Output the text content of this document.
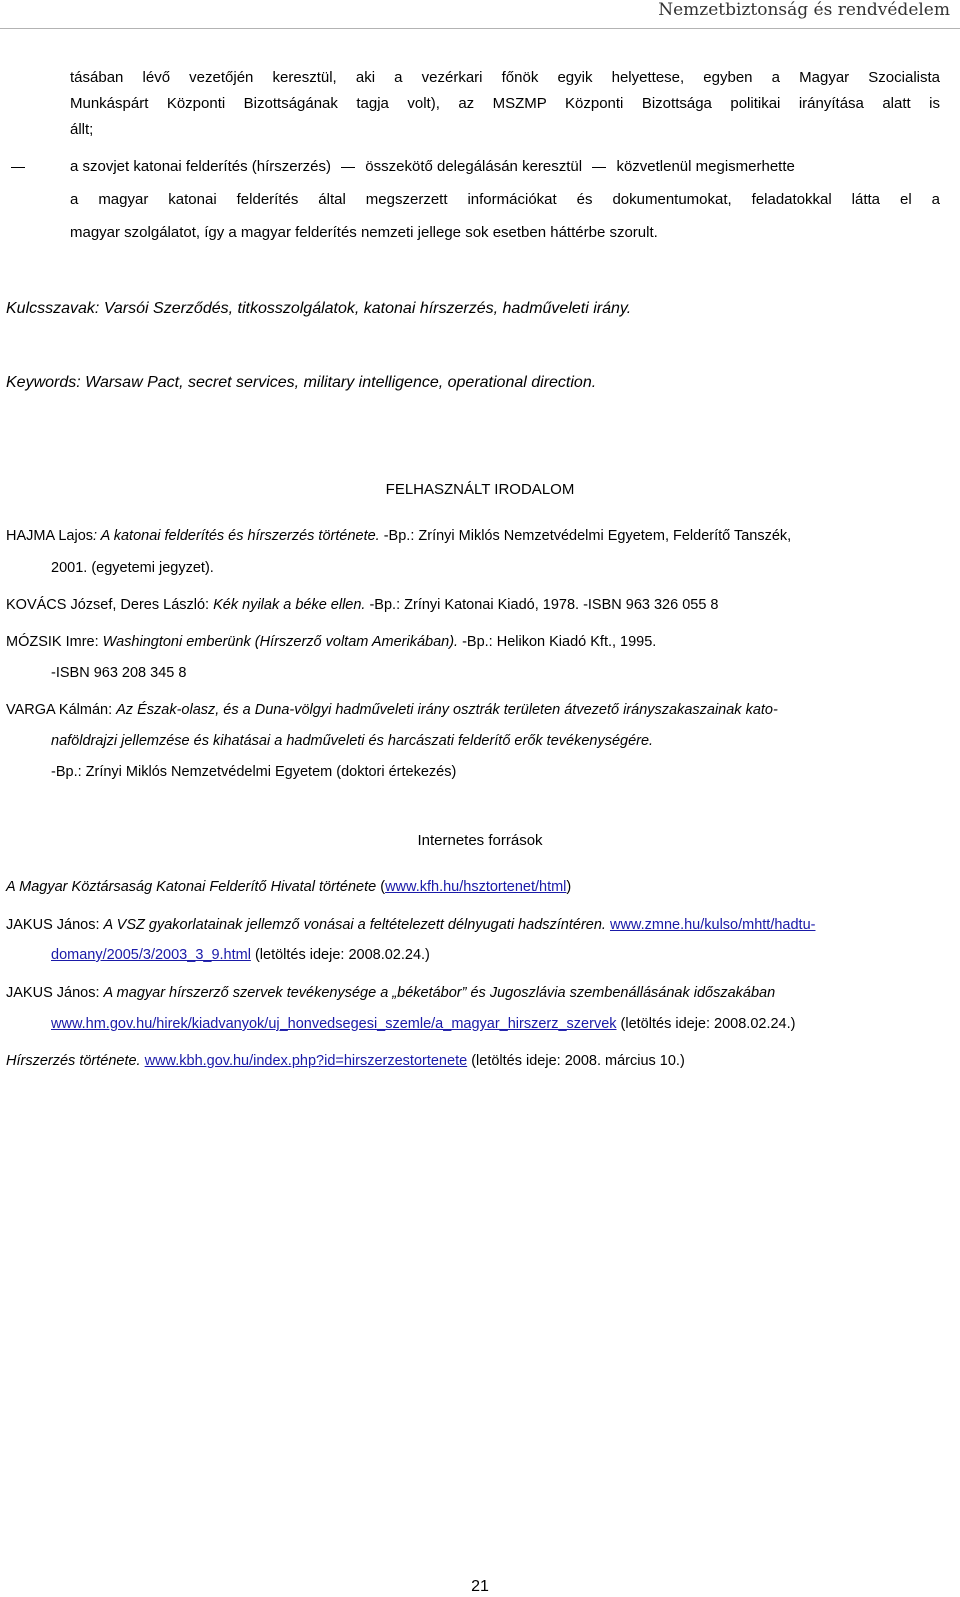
Nemzetbiztonság és rendvédelem
tásában lévő vezetőjén keresztül, aki a vezérkari főnök egyik helyettese, egyben a Magyar Szocialista
Munkáspárt Központi Bizottságának tagja volt), az MSZMP Központi Bizottsága politikai irányítása alatt is
állt;
a szovjet katonai felderítés (hírszerzés) összekötő delegálásán keresztül közvetlenül megismerhette
a magyar katonai felderítés által megszerzett információkat és dokumentumokat, feladatokkal látta el a
magyar szolgálatot, így a magyar felderítés nemzeti jellege sok esetben háttérbe szorult.
Kulcsszavak: Varsói Szerződés, titkosszolgálatok, katonai hírszerzés, hadműveleti irány.
Keywords: Warsaw Pact, secret services, military intelligence, operational direction.
FELHASZNÁLT IRODALOM
HAJMA Lajos: A katonai felderítés és hírszerzés története. -Bp.: Zrínyi Miklós Nemzetvédelmi Egyetem, Felderítő Tanszék,
2001. (egyetemi jegyzet).
KOVÁCS József, Deres László: Kék nyilak a béke ellen. -Bp.: Zrínyi Katonai Kiadó, 1978. -ISBN 963 326 055 8
MÓZSIK Imre: Washingtoni emberünk (Hírszerző voltam Amerikában). -Bp.: Helikon Kiadó Kft., 1995.
-ISBN 963 208 345 8
VARGA Kálmán: Az Észak-olasz, és a Duna-völgyi hadműveleti irány osztrák területen átvezető irányszakaszainak kato-
naföldrajzi jellemzése és kihatásai a hadműveleti és harcászati felderítő erők tevékenységére.
-Bp.: Zrínyi Miklós Nemzetvédelmi Egyetem (doktori értekezés)
Internetes források
A Magyar Köztársaság Katonai Felderítő Hivatal története (www.kfh.hu/hsztortenet/html)
JAKUS János: A VSZ gyakorlatainak jellemző vonásai a feltételezett délnyugati hadszíntéren. www.zmne.hu/kulso/mhtt/hadtu-
domany/2005/3/2003_3_9.html (letöltés ideje: 2008.02.24.)
JAKUS János: A magyar hírszerző szervek tevékenysége a „béketábor” és Jugoszlávia szembenállásának időszakában
www.hm.gov.hu/hirek/kiadvanyok/uj_honvedsegesi_szemle/a_magyar_hirszerz_szervek (letöltés ideje: 2008.02.24.)
Hírszerzés története. www.kbh.gov.hu/index.php?id=hirszerzestortenete (letöltés ideje: 2008. március 10.)
21
